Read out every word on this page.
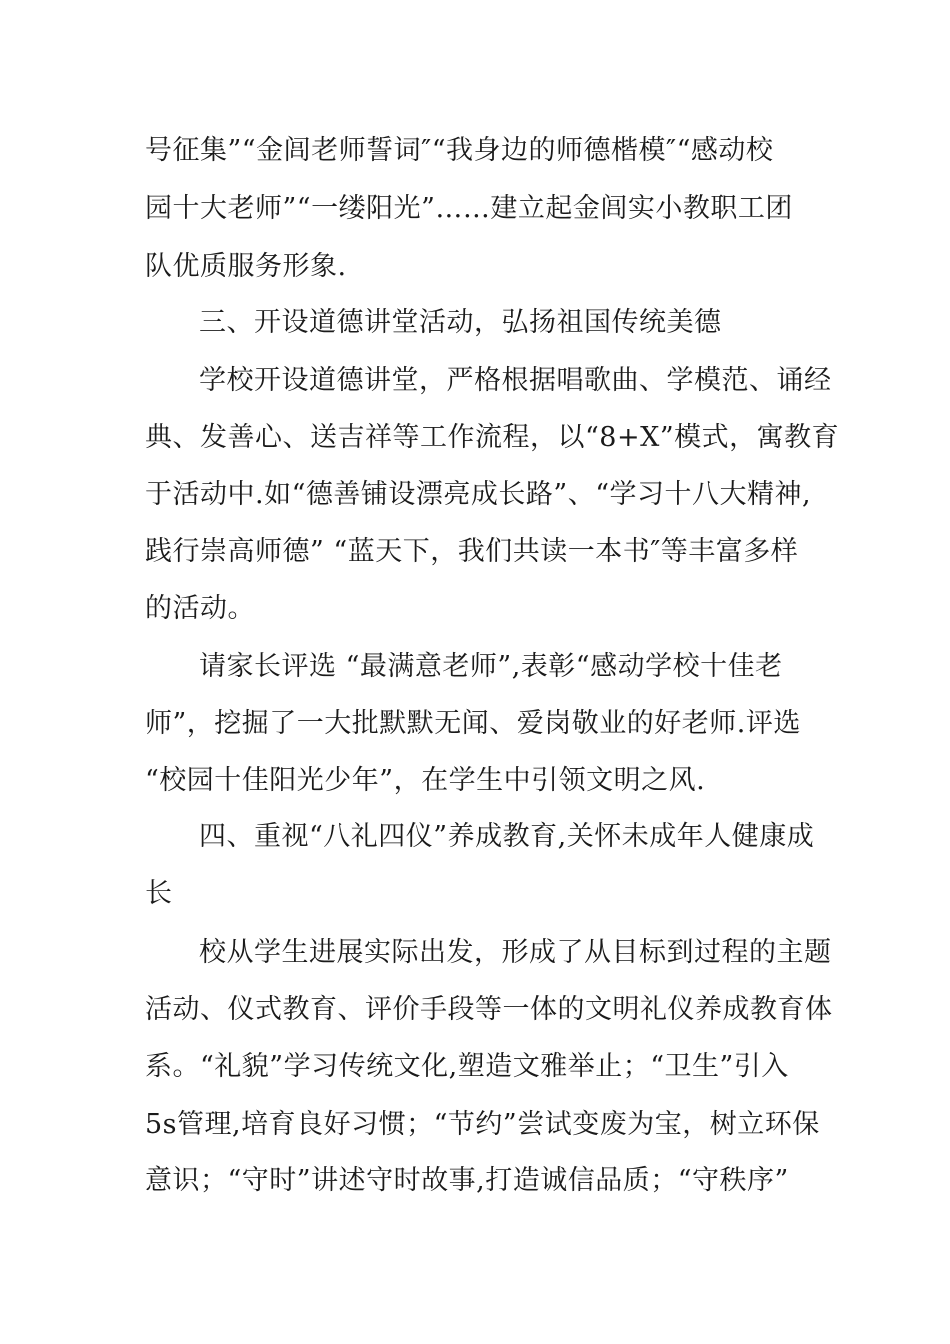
号征集”“金闾老师誓词″“我身边的师德楷模″“感动校
园十大老师”“一缕阳光”……建立起金闾实小教职工团
队优质服务形象.
三、开设道德讲堂活动，弘扬祖国传统美德
学校开设道德讲堂，严格根据唱歌曲、学模范、诵经
典、发善心、送吉祥等工作流程，以“8+X”模式，寓教育
于活动中.如“德善铺设漂亮成长路”、“学习十八大精神,
践行崇高师德” “蓝天下，我们共读一本书″等丰富多样
的活动。
请家长评选 “最满意老师”,表彰“感动学校十佳老
师”，挖掘了一大批默默无闻、爱岗敬业的好老师.评选
“校园十佳阳光少年”，在学生中引领文明之风.
四、重视“八礼四仪”养成教育,关怀未成年人健康成
长
校从学生进展实际出发，形成了从目标到过程的主题
活动、仪式教育、评价手段等一体的文明礼仪养成教育体
系。“礼貌”学习传统文化,塑造文雅举止；“卫生”引入
5s管理,培育良好习惯；“节约”尝试变废为宝，树立环保
意识；“守时”讲述守时故事,打造诚信品质；“守秩序”
